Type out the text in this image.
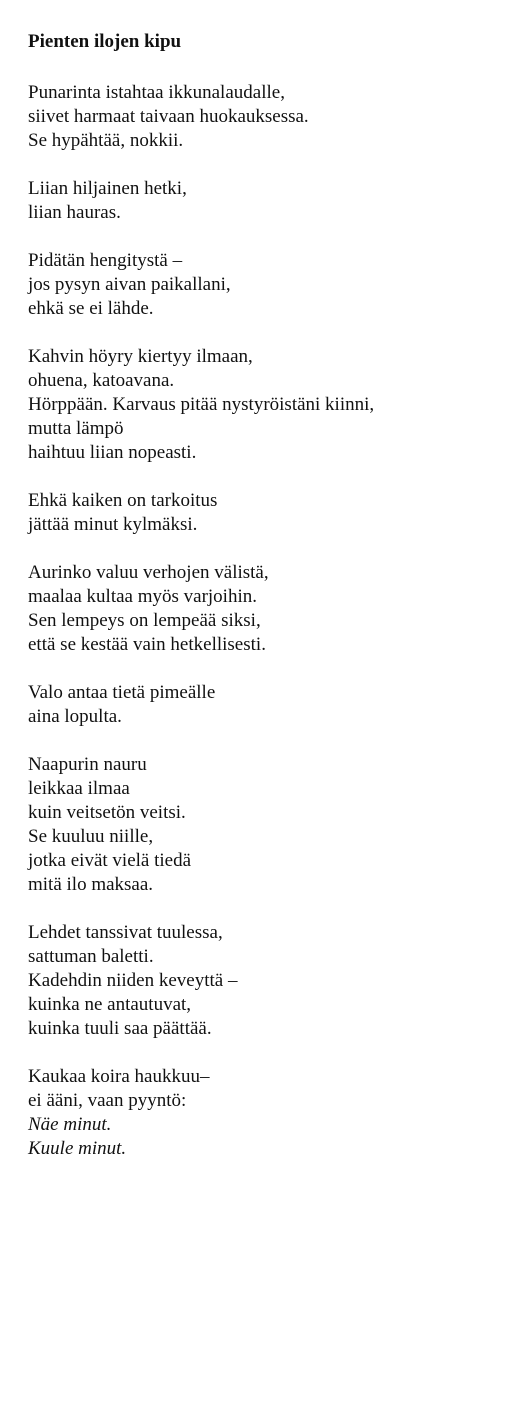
Pienten ilojen kipu
Punarinta istahtaa ikkunalaudalle,
siivet harmaat taivaan huokauksessa.
Se hypähtää, nokkii.
Liian hiljainen hetki,
liian hauras.
Pidätän hengitystä –
jos pysyn aivan paikallani,
ehkä se ei lähde.
Kahvin höyry kiertyy ilmaan,
ohuena, katoavana.
Hörppään. Karvaus pitää nystyröistäni kiinni,
mutta lämpö
haihtuu liian nopeasti.
Ehkä kaiken on tarkoitus
jättää minut kylmäksi.
Aurinko valuu verhojen välistä,
maalaa kultaa myös varjoihin.
Sen lempeys on lempeää siksi,
että se kestää vain hetkellisesti.
Valo antaa tietä pimeälle
aina lopulta.
Naapurin nauru
leikkaa ilmaa
kuin veitsetön veitsi.
Se kuuluu niille,
jotka eivät vielä tiedä
mitä ilo maksaa.
Lehdet tanssivat tuulessa,
sattuman baletti.
Kadehdin niiden keveyttä –
kuinka ne antautuvat,
kuinka tuuli saa päättää.
Kaukaa koira haukkuu–
ei ääni, vaan pyyntö:
Näe minut.
Kuule minut.
